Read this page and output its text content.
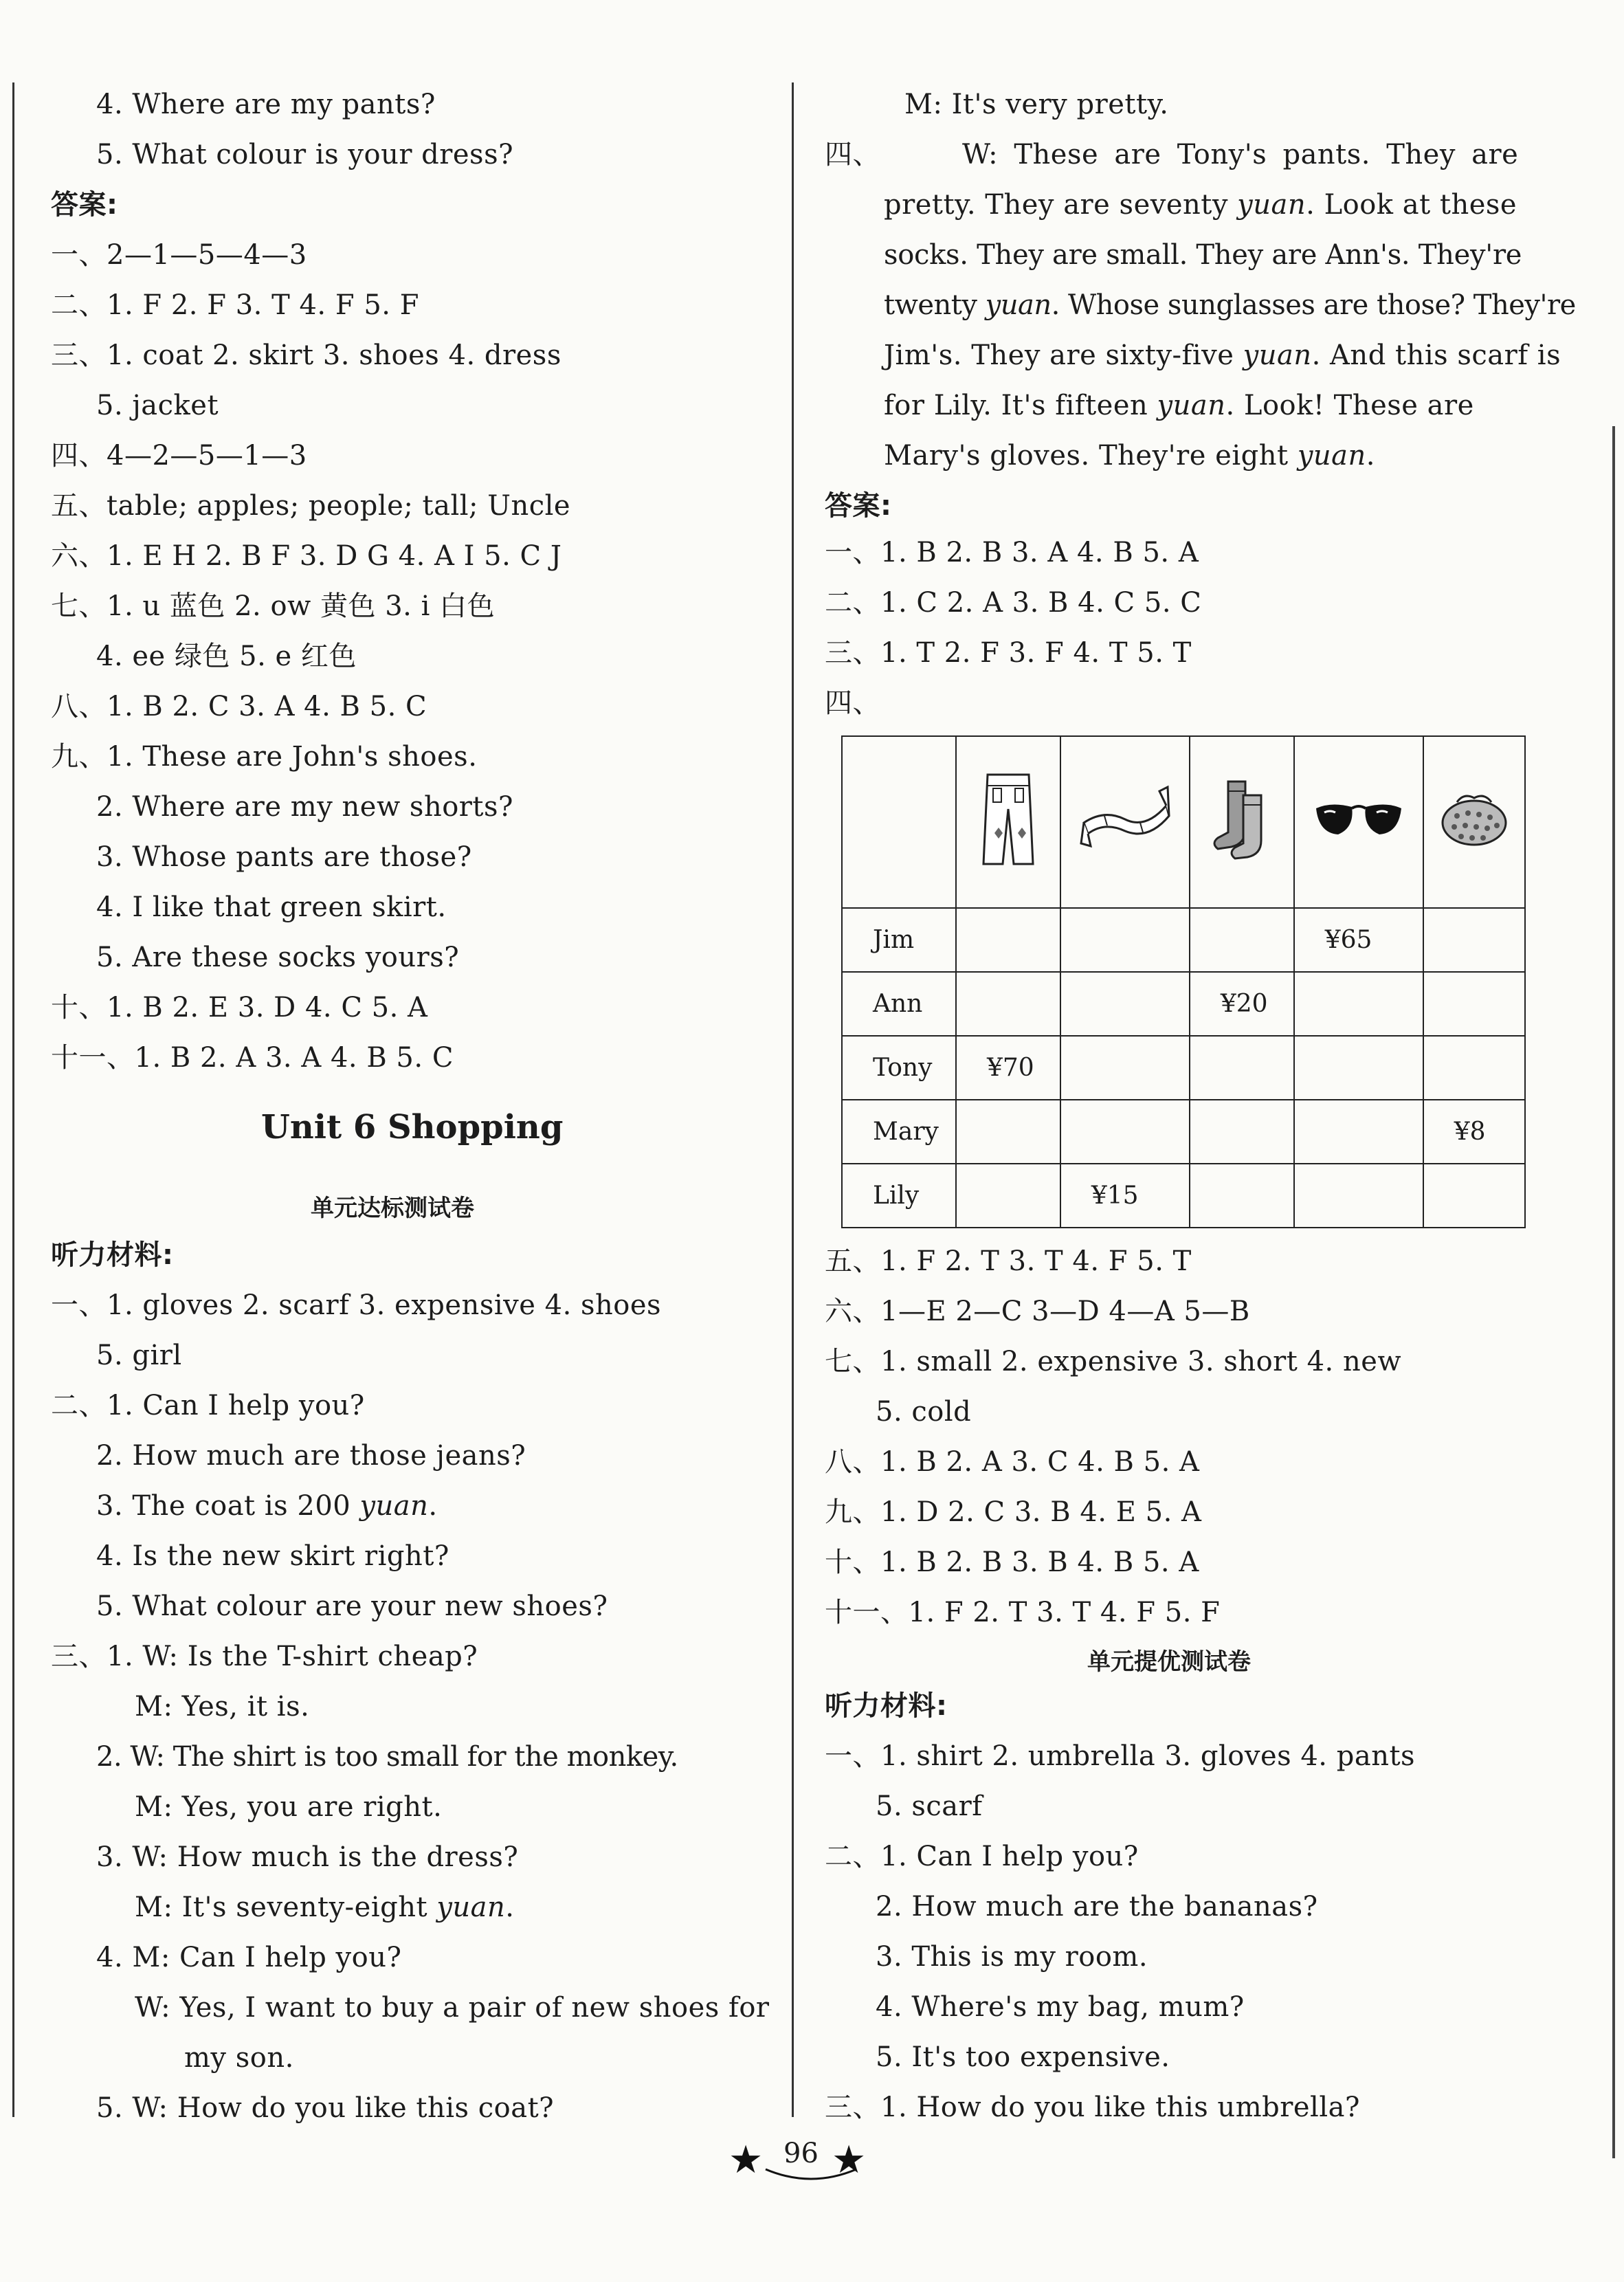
4. Where are my pants?
5. What colour is your dress?
答案:
一、2—1—5—4—3
二、1. F 2. F 3. T 4. F 5. F
三、1. coat 2. skirt 3. shoes 4. dress
5. jacket
四、4—2—5—1—3
五、table; apples; people; tall; Uncle
六、1. E H 2. B F 3. D G 4. A I 5. C J
七、1. u 蓝色 2. ow 黄色 3. i 白色
4. ee 绿色 5. e 红色
八、1. B 2. C 3. A 4. B 5. C
九、1. These are John's shoes.
2. Where are my new shorts?
3. Whose pants are those?
4. I like that green skirt.
5. Are these socks yours?
十、1. B 2. E 3. D 4. C 5. A
十一、1. B 2. A 3. A 4. B 5. C
Unit 6 Shopping
单元达标测试卷
听力材料:
一、1. gloves 2. scarf 3. expensive 4. shoes
5. girl
二、1. Can I help you?
2. How much are those jeans?
3. The coat is 200 yuan.
4. Is the new skirt right?
5. What colour are your new shoes?
三、1. W: Is the T-shirt cheap?
M: Yes, it is.
2. W: The shirt is too small for the monkey.
M: Yes, you are right.
3. W: How much is the dress?
M: It's seventy-eight yuan.
4. M: Can I help you?
W: Yes, I want to buy a pair of new shoes for
my son.
5. W: How do you like this coat?
M: It's very pretty.
四、	W: These are Tony's pants. They are
pretty. They are seventy yuan. Look at these
socks. They are small. They are Ann's. They're
twenty yuan. Whose sunglasses are those? They're
Jim's. They are sixty-five yuan. And this scarf is
for Lily. It's fifteen yuan. Look! These are
Mary's gloves. They're eight yuan.
答案:
一、1. B 2. B 3. A 4. B 5. A
二、1. C 2. A 3. B 4. C 5. C
三、1. T 2. F 3. F 4. T 5. T
四、

Jim				¥65	
Ann			¥20		
Tony	¥70				
Mary					¥8
Lily		¥15			
五、1. F 2. T 3. T 4. F 5. T
六、1—E 2—C 3—D 4—A 5—B
七、1. small 2. expensive 3. short 4. new
5. cold
八、1. B 2. A 3. C 4. B 5. A
九、1. D 2. C 3. B 4. E 5. A
十、1. B 2. B 3. B 4. B 5. A
十一、1. F 2. T 3. T 4. F 5. F
单元提优测试卷
听力材料:
一、1. shirt 2. umbrella 3. gloves 4. pants
5. scarf
二、1. Can I help you?
2. How much are the bananas?
3. This is my room.
4. Where's my bag, mum?
5. It's too expensive.
三、1. How do you like this umbrella?
★ 96 ★
